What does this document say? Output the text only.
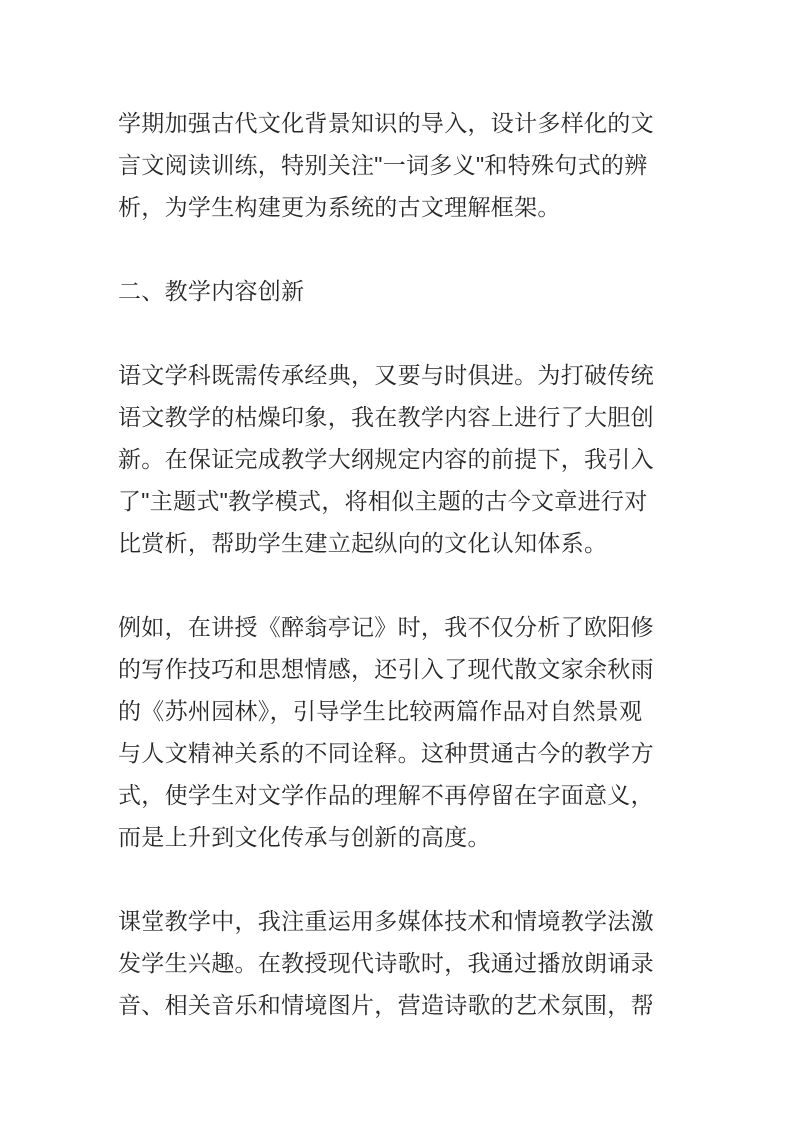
学期加强古代文化背景知识的导入，设计多样化的文
言文阅读训练，特别关注"一词多义"和特殊句式的辨
析，为学生构建更为系统的古文理解框架。
二、教学内容创新
语文学科既需传承经典，又要与时俱进。为打破传统
语文教学的枯燥印象，我在教学内容上进行了大胆创
新。在保证完成教学大纲规定内容的前提下，我引入
了"主题式"教学模式，将相似主题的古今文章进行对
比赏析，帮助学生建立起纵向的文化认知体系。
例如，在讲授《醉翁亭记》时，我不仅分析了欧阳修
的写作技巧和思想情感，还引入了现代散文家余秋雨
的《苏州园林》，引导学生比较两篇作品对自然景观
与人文精神关系的不同诠释。这种贯通古今的教学方
式，使学生对文学作品的理解不再停留在字面意义，
而是上升到文化传承与创新的高度。
课堂教学中，我注重运用多媒体技术和情境教学法激
发学生兴趣。在教授现代诗歌时，我通过播放朗诵录
音、相关音乐和情境图片，营造诗歌的艺术氛围，帮
